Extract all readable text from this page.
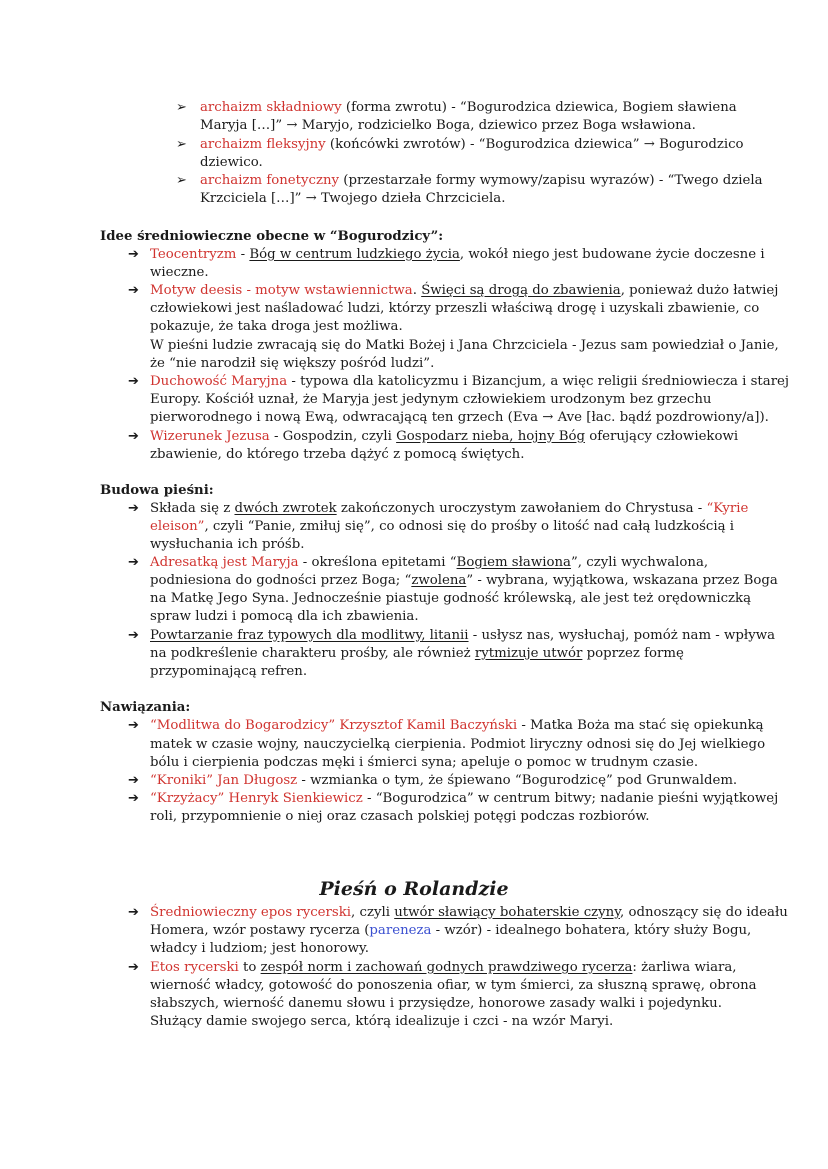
➢ archaizm składniowy (forma zwrotu) - “Bogurodzica dziewica, Bogiem sławiena
Maryja […]” → Maryjo, rodzicielko Boga, dziewico przez Boga wsławiona.
➢ archaizm fleksyjny (końcówki zwrotów) - “Bogurodzica dziewica” → Bogurodzico
dziewico.
➢ archaizm fonetyczny (przestarzałe formy wymowy/zapisu wyrazów) - “Twego dziela
Krzciciela […]” → Twojego dzieła Chrzciciela.
Idee średniowieczne obecne w “Bogurodzicy”:
➔ Teocentryzm - Bóg w centrum ludzkiego życia, wokół niego jest budowane życie doczesne i
wieczne.
➔ Motyw deesis - motyw wstawiennictwa. Święci są drogą do zbawienia, ponieważ dużo łatwiej
człowiekowi jest naśladować ludzi, którzy przeszli właściwą drogę i uzyskali zbawienie, co
pokazuje, że taka droga jest możliwa.
W pieśni ludzie zwracają się do Matki Bożej i Jana Chrzciciela - Jezus sam powiedział o Janie,
że “nie narodził się większy pośród ludzi”.
➔ Duchowość Maryjna - typowa dla katolicyzmu i Bizancjum, a więc religii średniowiecza i starej
Europy. Kościół uznał, że Maryja jest jedynym człowiekiem urodzonym bez grzechu
pierworodnego i nową Ewą, odwracającą ten grzech (Eva → Ave [łac. bądź pozdrowiony/a]).
➔ Wizerunek Jezusa - Gospodzin, czyli Gospodarz nieba, hojny Bóg oferujący człowiekowi
zbawienie, do którego trzeba dążyć z pomocą świętych.
Budowa pieśni:
➔ Składa się z dwóch zwrotek zakończonych uroczystym zawołaniem do Chrystusa - “Kyrie
eleison”, czyli “Panie, zmiłuj się”, co odnosi się do prośby o litość nad całą ludzkością i
wysłuchania ich próśb.
➔ Adresatką jest Maryja - określona epitetami “Bogiem sławiona”, czyli wychwalona,
podniesiona do godności przez Boga; “zwolena” - wybrana, wyjątkowa, wskazana przez Boga
na Matkę Jego Syna. Jednocześnie piastuje godność królewską, ale jest też orędowniczką
spraw ludzi i pomocą dla ich zbawienia.
➔ Powtarzanie fraz typowych dla modlitwy, litanii - usłysz nas, wysłuchaj, pomóż nam - wpływa
na podkreślenie charakteru prośby, ale również rytmizuje utwór poprzez formę
przypominającą refren.
Nawiązania:
➔ “Modlitwa do Bogarodzicy” Krzysztof Kamil Baczyński - Matka Boża ma stać się opiekunką
matek w czasie wojny, nauczycielką cierpienia. Podmiot liryczny odnosi się do Jej wielkiego
bólu i cierpienia podczas męki i śmierci syna; apeluje o pomoc w trudnym czasie.
➔ “Kroniki” Jan Długosz - wzmianka o tym, że śpiewano “Bogurodzicę” pod Grunwaldem.
➔ “Krzyżacy” Henryk Sienkiewicz - “Bogurodzica” w centrum bitwy; nadanie pieśni wyjątkowej
roli, przypomnienie o niej oraz czasach polskiej potęgi podczas rozbiorów.
Pieśń o Rolandzie
➔ Średniowieczny epos rycerski, czyli utwór sławiący bohaterskie czyny, odnoszący się do ideału
Homera, wzór postawy rycerza (pareneza - wzór) - idealnego bohatera, który służy Bogu,
władcy i ludziom; jest honorowy.
➔ Etos rycerski to zespół norm i zachowań godnych prawdziwego rycerza: żarliwa wiara,
wierność władcy, gotowość do ponoszenia ofiar, w tym śmierci, za słuszną sprawę, obrona
słabszych, wierność danemu słowu i przysiędze, honorowe zasady walki i pojedynku.
Służący damie swojego serca, którą idealizuje i czci - na wzór Maryi.
